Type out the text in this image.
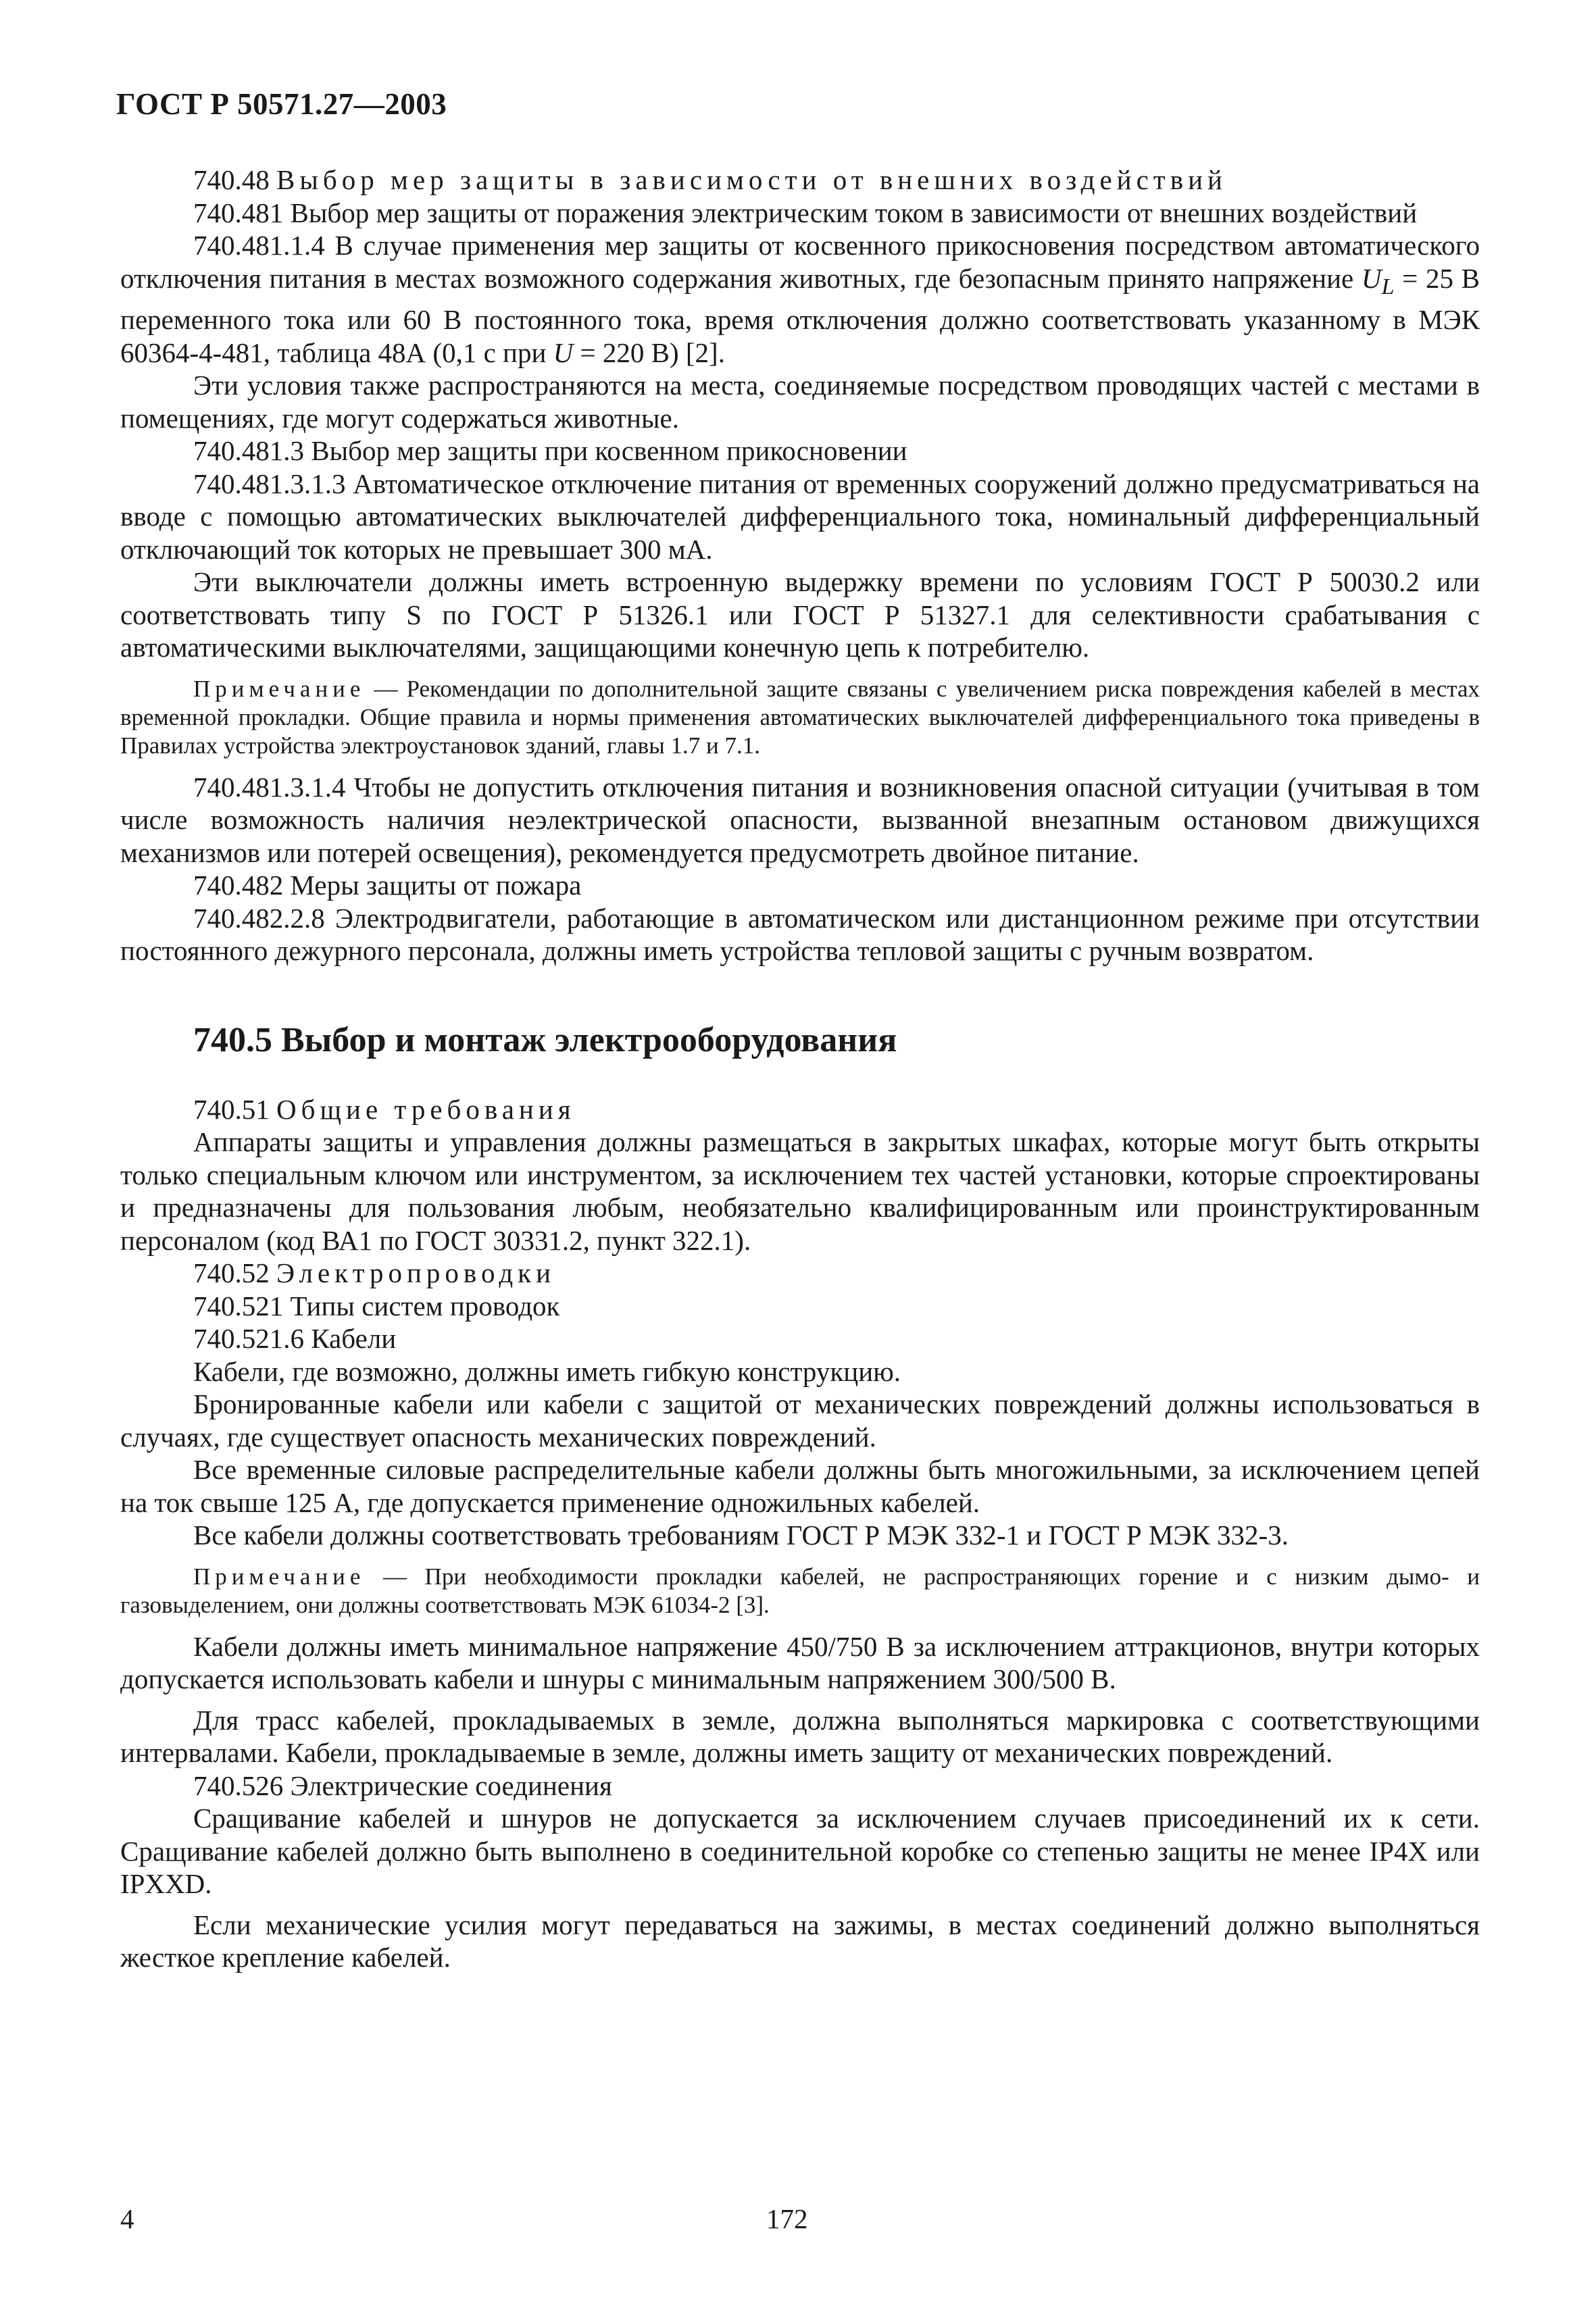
ГОСТ Р 50571.27—2003

740.48 Выбор мер защиты в зависимости от внешних воздействий

740.481 Выбор мер защиты от поражения электрическим током в зависимости от внешних воздействий

740.481.1.4 В случае применения мер защиты от косвенного прикосновения посредством автоматического отключения питания в местах возможного содержания животных, где безопасным принято напряжение $U_L = 25$ В переменного тока или 60 В постоянного тока, время отключения должно соответствовать указанному в МЭК 60364-4-481, таблица 48А (0,1 с при U = 220 В) [2].

Эти условия также распространяются на места, соединяемые посредством проводящих частей с местами в помещениях, где могут содержаться животные.

740.481.3 Выбор мер защиты при косвенном прикосновении

740.481.3.1.3 Автоматическое отключение питания от временных сооружений должно предусматриваться на вводе с помощью автоматических выключателей дифференциального тока, номинальный дифференциальный отключающий ток которых не превышает 300 мА.

Эти выключатели должны иметь встроенную выдержку времени по условиям ГОСТ Р 50030.2 или соответствовать типу S по ГОСТ Р 51326.1 или ГОСТ Р 51327.1 для селективности срабатывания с автоматическими выключателями, защищающими конечную цепь к потребителю.

Примечание — Рекомендации по дополнительной защите связаны с увеличением риска повреждения кабелей в местах временной прокладки. Общие правила и нормы применения автоматических выключателей дифференциального тока приведены в Правилах устройства электроустановок зданий, главы 1.7 и 7.1.

740.481.3.1.4 Чтобы не допустить отключения питания и возникновения опасной ситуации (учитывая в том числе возможность наличия неэлектрической опасности, вызванной внезапным остановом движущихся механизмов или потерей освещения), рекомендуется предусмотреть двойное питание.

740.482 Меры защиты от пожара

740.482.2.8 Электродвигатели, работающие в автоматическом или дистанционном режиме при отсутствии постоянного дежурного персонала, должны иметь устройства тепловой защиты с ручным возвратом.

740.5 Выбор и монтаж электрооборудования

740.51 Общие требования

Аппараты защиты и управления должны размещаться в закрытых шкафах, которые могут быть открыты только специальным ключом или инструментом, за исключением тех частей установки, которые спроектированы и предназначены для пользования любым, необязательно квалифицированным или проинструктированным персоналом (код ВА1 по ГОСТ 30331.2, пункт 322.1).

740.52 Электропроводки

740.521 Типы систем проводок

740.521.6 Кабели

Кабели, где возможно, должны иметь гибкую конструкцию.

Бронированные кабели или кабели с защитой от механических повреждений должны использоваться в случаях, где существует опасность механических повреждений.

Все временные силовые распределительные кабели должны быть многожильными, за исключением цепей на ток свыше 125 А, где допускается применение одножильных кабелей.

Все кабели должны соответствовать требованиям ГОСТ Р МЭК 332-1 и ГОСТ Р МЭК 332-3.

Примечание — При необходимости прокладки кабелей, не распространяющих горение и с низким дымо- и газовыделением, они должны соответствовать МЭК 61034-2 [3].

Кабели должны иметь минимальное напряжение 450/750 В за исключением аттракционов, внутри которых допускается использовать кабели и шнуры с минимальным напряжением 300/500 В.

Для трасс кабелей, прокладываемых в земле, должна выполняться маркировка с соответствующими интервалами. Кабели, прокладываемые в земле, должны иметь защиту от механических повреждений.

740.526 Электрические соединения

Сращивание кабелей и шнуров не допускается за исключением случаев присоединений их к сети. Сращивание кабелей должно быть выполнено в соединительной коробке со степенью защиты не менее IP4X или IPXXD.

Если механические усилия могут передаваться на зажимы, в местах соединений должно выполняться жесткое крепление кабелей.

4	172
